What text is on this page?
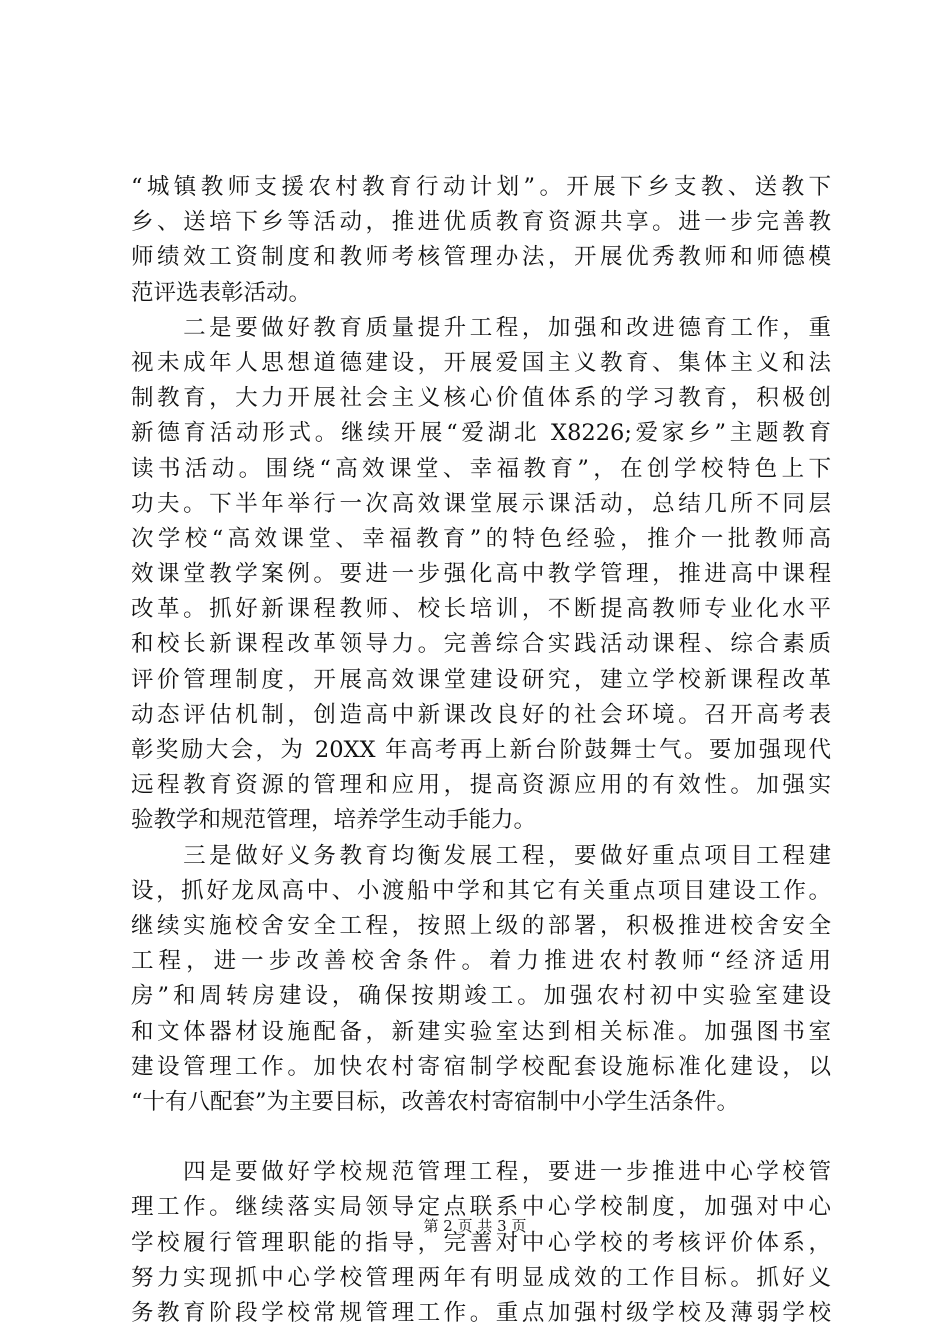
“城镇教师支援农村教育行动计划”。开展下乡支教、送教下
乡、送培下乡等活动，推进优质教育资源共享。进一步完善教
师绩效工资制度和教师考核管理办法，开展优秀教师和师德模
范评选表彰活动。
　　二是要做好教育质量提升工程，加强和改进德育工作，重
视未成年人思想道德建设，开展爱国主义教育、集体主义和法
制教育，大力开展社会主义核心价值体系的学习教育，积极创
新德育活动形式。继续开展“爱湖北 X8226;爱家乡”主题教育
读书活动。围绕“高效课堂、幸福教育”，在创学校特色上下
功夫。下半年举行一次高效课堂展示课活动，总结几所不同层
次学校“高效课堂、幸福教育”的特色经验，推介一批教师高
效课堂教学案例。要进一步强化高中教学管理，推进高中课程
改革。抓好新课程教师、校长培训，不断提高教师专业化水平
和校长新课程改革领导力。完善综合实践活动课程、综合素质
评价管理制度，开展高效课堂建设研究，建立学校新课程改革
动态评估机制，创造高中新课改良好的社会环境。召开高考表
彰奖励大会，为 20XX 年高考再上新台阶鼓舞士气。要加强现代
远程教育资源的管理和应用，提高资源应用的有效性。加强实
验教学和规范管理，培养学生动手能力。
　　三是做好义务教育均衡发展工程，要做好重点项目工程建
设，抓好龙凤高中、小渡船中学和其它有关重点项目建设工作。
继续实施校舍安全工程，按照上级的部署，积极推进校舍安全
工程，进一步改善校舍条件。着力推进农村教师“经济适用
房”和周转房建设，确保按期竣工。加强农村初中实验室建设
和文体器材设施配备，新建实验室达到相关标准。加强图书室
建设管理工作。加快农村寄宿制学校配套设施标准化建设，以
“十有八配套”为主要目标，改善农村寄宿制中小学生活条件。
　　四是要做好学校规范管理工程，要进一步推进中心学校管
理工作。继续落实局领导定点联系中心学校制度，加强对中心
学校履行管理职能的指导，完善对中心学校的考核评价体系，
努力实现抓中心学校管理两年有明显成效的工作目标。抓好义
务教育阶段学校常规管理工作。重点加强村级学校及薄弱学校
第 2 页 共 3 页
